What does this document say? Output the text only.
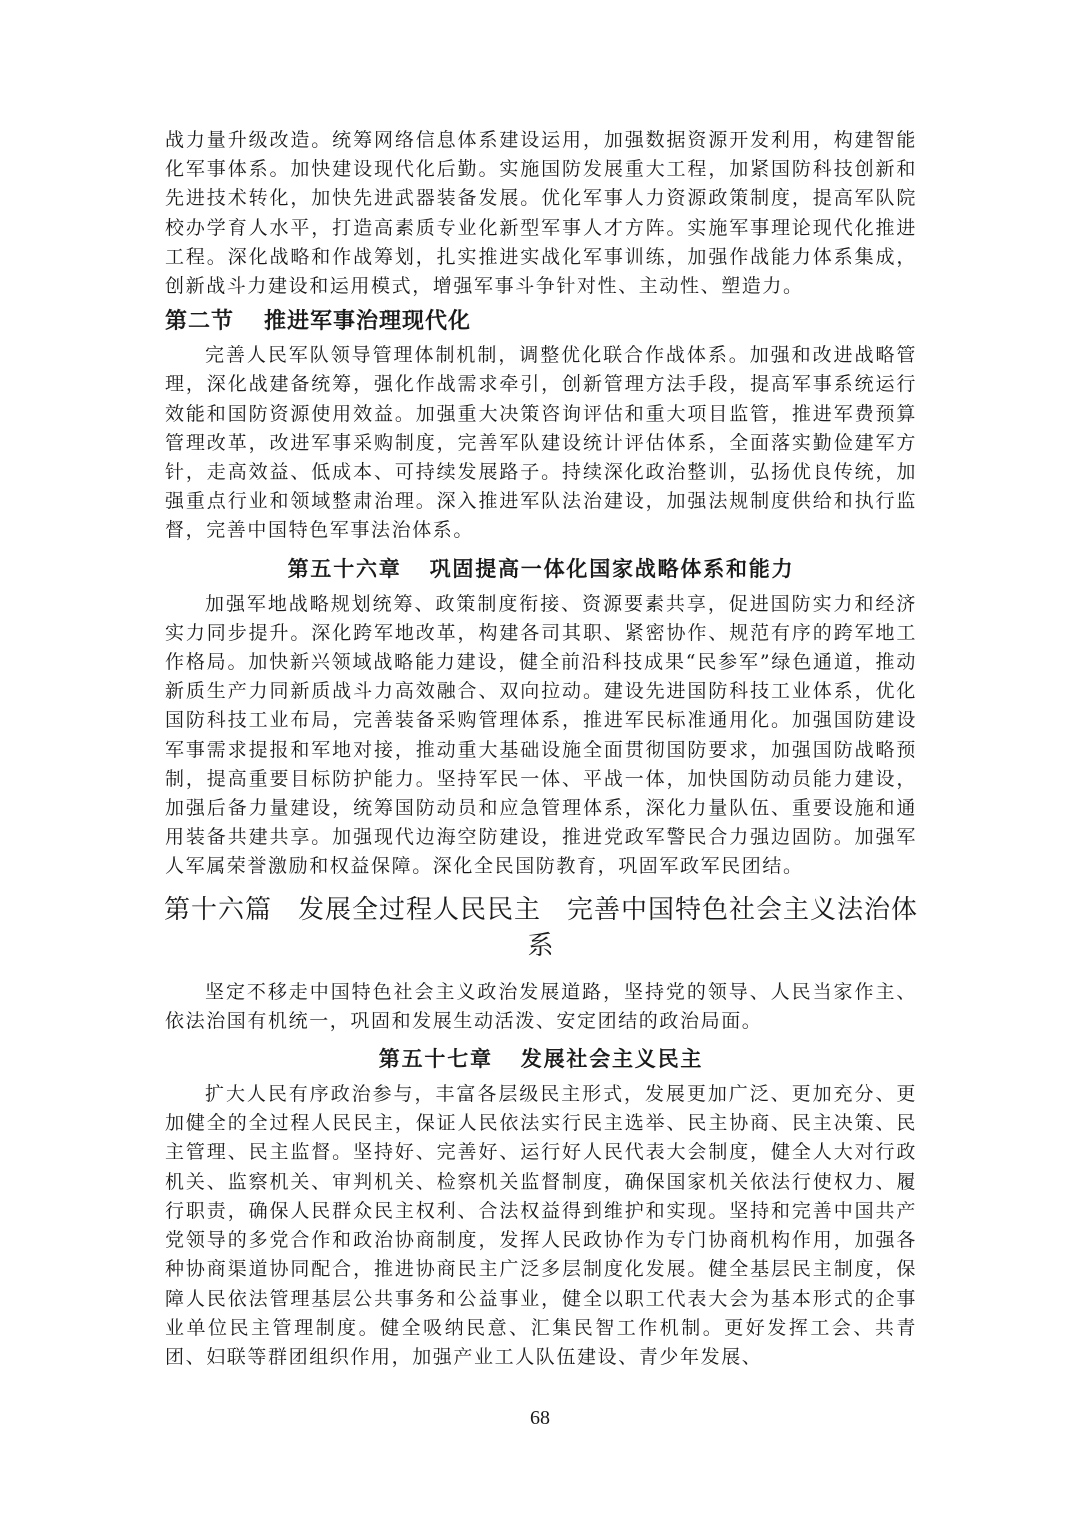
战力量升级改造。统筹网络信息体系建设运用，加强数据资源开发利用，构建智能化军事体系。加快建设现代化后勤。实施国防发展重大工程，加紧国防科技创新和先进技术转化，加快先进武器装备发展。优化军事人力资源政策制度，提高军队院校办学育人水平，打造高素质专业化新型军事人才方阵。实施军事理论现代化推进工程。深化战略和作战筹划，扎实推进实战化军事训练，加强作战能力体系集成，创新战斗力建设和运用模式，增强军事斗争针对性、主动性、塑造力。

第二节 推进军事治理现代化

完善人民军队领导管理体制机制，调整优化联合作战体系。加强和改进战略管理，深化战建备统筹，强化作战需求牵引，创新管理方法手段，提高军事系统运行效能和国防资源使用效益。加强重大决策咨询评估和重大项目监管，推进军费预算管理改革，改进军事采购制度，完善军队建设统计评估体系，全面落实勤俭建军方针，走高效益、低成本、可持续发展路子。持续深化政治整训，弘扬优良传统，加强重点行业和领域整肃治理。深入推进军队法治建设，加强法规制度供给和执行监督，完善中国特色军事法治体系。

第五十六章 巩固提高一体化国家战略体系和能力

加强军地战略规划统筹、政策制度衔接、资源要素共享，促进国防实力和经济实力同步提升。深化跨军地改革，构建各司其职、紧密协作、规范有序的跨军地工作格局。加快新兴领域战略能力建设，健全前沿科技成果“民参军”绿色通道，推动新质生产力同新质战斗力高效融合、双向拉动。建设先进国防科技工业体系，优化国防科技工业布局，完善装备采购管理体系，推进军民标准通用化。加强国防建设军事需求提报和军地对接，推动重大基础设施全面贯彻国防要求，加强国防战略预制，提高重要目标防护能力。坚持军民一体、平战一体，加快国防动员能力建设，加强后备力量建设，统筹国防动员和应急管理体系，深化力量队伍、重要设施和通用装备共建共享。加强现代边海空防建设，推进党政军警民合力强边固防。加强军人军属荣誉激励和权益保障。深化全民国防教育，巩固军政军民团结。

第十六篇 发展全过程人民民主 完善中国特色社会主义法治体系

坚定不移走中国特色社会主义政治发展道路，坚持党的领导、人民当家作主、依法治国有机统一，巩固和发展生动活泼、安定团结的政治局面。

第五十七章 发展社会主义民主

扩大人民有序政治参与，丰富各层级民主形式，发展更加广泛、更加充分、更加健全的全过程人民民主，保证人民依法实行民主选举、民主协商、民主决策、民主管理、民主监督。坚持好、完善好、运行好人民代表大会制度，健全人大对行政机关、监察机关、审判机关、检察机关监督制度，确保国家机关依法行使权力、履行职责，确保人民群众民主权利、合法权益得到维护和实现。坚持和完善中国共产党领导的多党合作和政治协商制度，发挥人民政协作为专门协商机构作用，加强各种协商渠道协同配合，推进协商民主广泛多层制度化发展。健全基层民主制度，保障人民依法管理基层公共事务和公益事业，健全以职工代表大会为基本形式的企事业单位民主管理制度。健全吸纳民意、汇集民智工作机制。更好发挥工会、共青团、妇联等群团组织作用，加强产业工人队伍建设、青少年发展、

68
